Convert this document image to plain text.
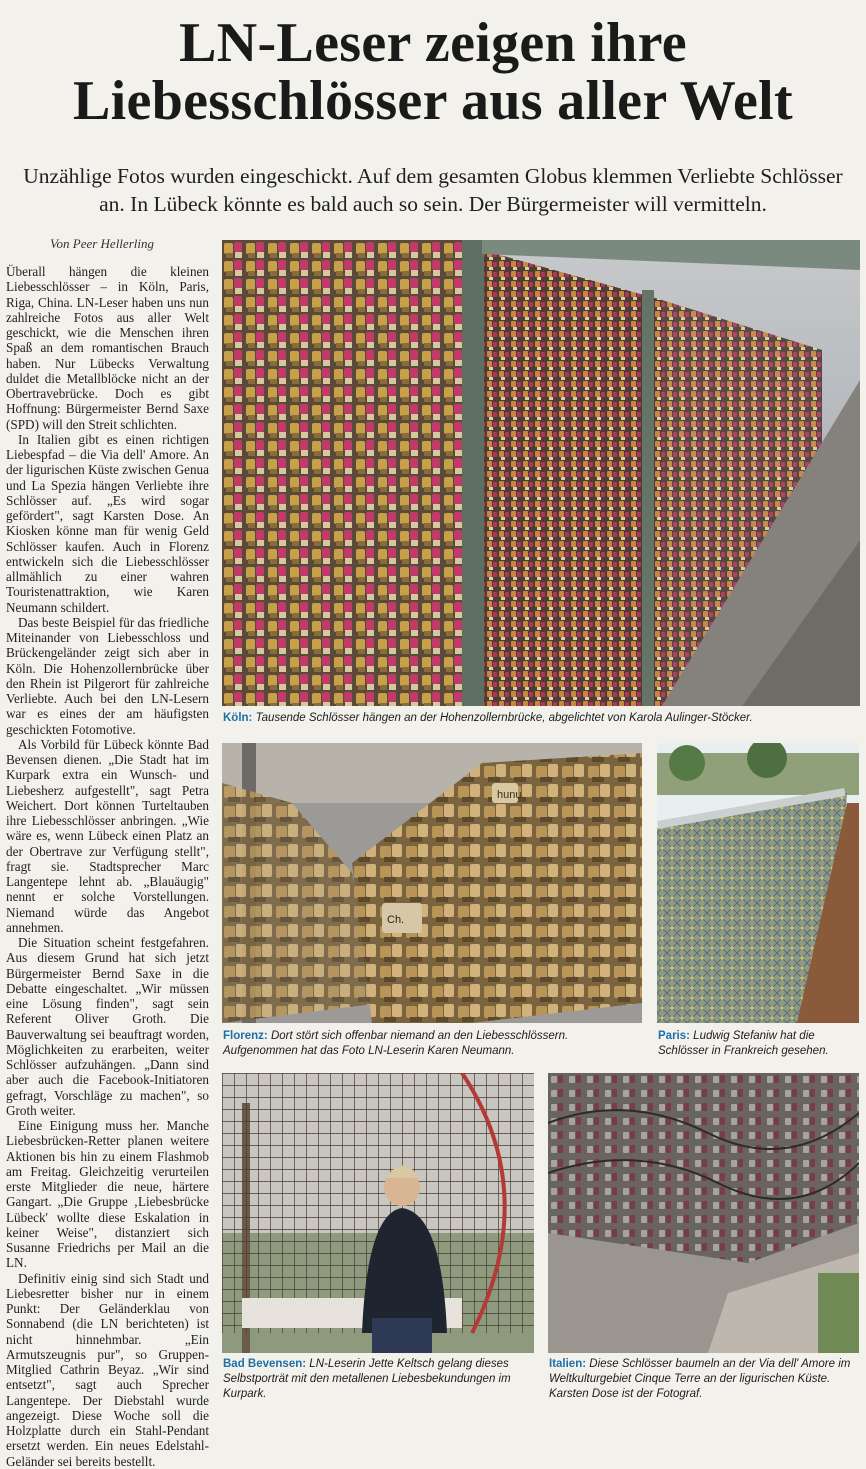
LN-Leser zeigen ihre
Liebesschlösser aus aller Welt
Unzählige Fotos wurden eingeschickt. Auf dem gesamten Globus klemmen Verliebte Schlösser an. In Lübeck könnte es bald auch so sein. Der Bürgermeister will vermitteln.
Von Peer Hellerling

Überall hängen die kleinen Liebesschlösser – in Köln, Paris, Riga, China. LN-Leser haben uns nun zahlreiche Fotos aus aller Welt geschickt, wie die Menschen ihren Spaß an dem romantischen Brauch haben. Nur Lübecks Verwaltung duldet die Metallblöcke nicht an der Obertravebrücke. Doch es gibt Hoffnung: Bürgermeister Bernd Saxe (SPD) will den Streit schlichten.

In Italien gibt es einen richtigen Liebespfad – die Via dell' Amore. An der ligurischen Küste zwischen Genua und La Spezia hängen Verliebte ihre Schlösser auf. „Es wird sogar gefördert", sagt Karsten Dose. An Kiosken könne man für wenig Geld Schlösser kaufen. Auch in Florenz entwickeln sich die Liebesschlösser allmählich zu einer wahren Touristenattraktion, wie Karen Neumann schildert.

Das beste Beispiel für das friedliche Miteinander von Liebesschloss und Brückengeländer zeigt sich aber in Köln. Die Hohenzollernbrücke über den Rhein ist Pilgerort für zahlreiche Verliebte. Auch bei den LN-Lesern war es eines der am häufigsten geschickten Fotomotive.

Als Vorbild für Lübeck könnte Bad Bevensen dienen. „Die Stadt hat im Kurpark extra ein Wunsch- und Liebesherz aufgestellt", sagt Petra Weichert. Dort können Turteltauben ihre Liebesschlösser anbringen. „Wie wäre es, wenn Lübeck einen Platz an der Obertrave zur Verfügung stellt", fragt sie. Stadtsprecher Marc Langentepe lehnt ab. „Blauäugig" nennt er solche Vorstellungen. Niemand würde das Angebot annehmen.

Die Situation scheint festgefahren. Aus diesem Grund hat sich jetzt Bürgermeister Bernd Saxe in die Debatte eingeschaltet. „Wir müssen eine Lösung finden", sagt sein Referent Oliver Groth. Die Bauverwaltung sei beauftragt worden, Möglichkeiten zu erarbeiten, weiter Schlösser aufzuhängen. „Dann sind aber auch die Facebook-Initiatoren gefragt, Vorschläge zu machen", so Groth weiter.

Eine Einigung muss her. Manche Liebesbrücken-Retter planen weitere Aktionen bis hin zu einem Flashmob am Freitag. Gleichzeitig verurteilen erste Mitglieder die neue, härtere Gangart. „Die Gruppe ‚Liebesbrücke Lübeck' wollte diese Eskalation in keiner Weise", distanziert sich Susanne Friedrichs per Mail an die LN.

Definitiv einig sind sich Stadt und Liebesretter bisher nur in einem Punkt: Der Geländerklau von Sonnabend (die LN berichteten) ist nicht hinnehmbar. „Ein Armutszeugnis pur", so Gruppen-Mitglied Cathrin Beyaz. „Wir sind entsetzt", sagt auch Sprecher Langentepe. Der Diebstahl wurde angezeigt. Diese Woche soll die Holzplatte durch ein Stahl-Pendant ersetzt werden. Ein neues Edelstahl-Geländer sei bereits bestellt.

Köln: Tausende Schlösser hängen an der Hohenzollernbrücke, abgelichtet von Karola Aulinger-Stöcker.
hunu
Ch.
Florenz: Dort stört sich offenbar niemand an den Liebesschlössern. Aufgenommen hat das Foto LN-Leserin Karen Neumann.
Paris: Ludwig Stefaniw hat die Schlösser in Frankreich gesehen.
Bad Bevensen: LN-Leserin Jette Keltsch gelang dieses Selbstporträt mit den metallenen Liebesbekundungen im Kurpark.
Italien: Diese Schlösser baumeln an der Via dell' Amore im Weltkulturgebiet Cinque Terre an der ligurischen Küste. Karsten Dose ist der Fotograf.
